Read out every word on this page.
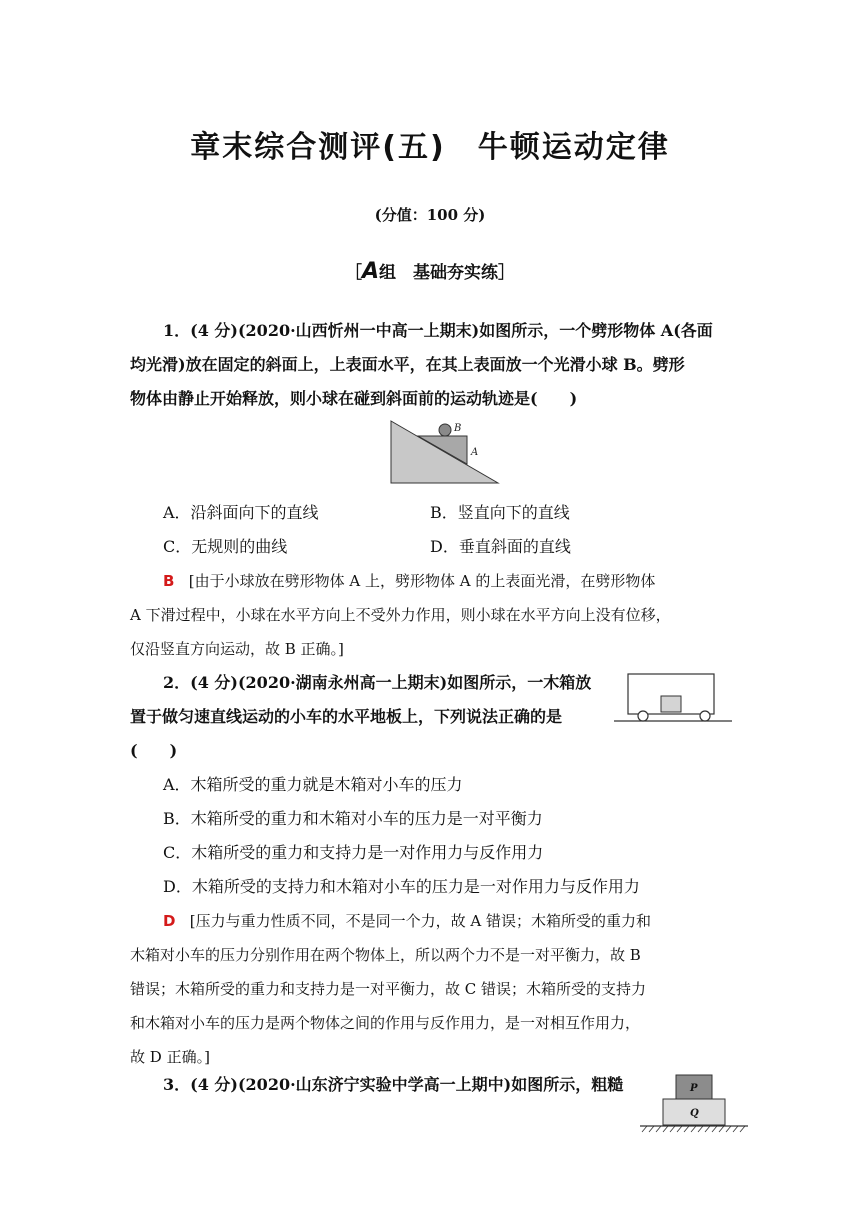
章末综合测评(五)　牛顿运动定律
(分值：100 分)
［A组　基础夯实练］
1．(4 分)(2020·山西忻州一中高一上期末)如图所示，一个劈形物体 A(各面
均光滑)放在固定的斜面上，上表面水平，在其上表面放一个光滑小球 B。劈形
物体由静止开始释放，则小球在碰到斜面前的运动轨迹是(　　)
B
A
A．沿斜面向下的直线	B．竖直向下的直线
C．无规则的曲线	D．垂直斜面的直线
B [由于小球放在劈形物体 A 上，劈形物体 A 的上表面光滑，在劈形物体
A 下滑过程中，小球在水平方向上不受外力作用，则小球在水平方向上没有位移，
仅沿竖直方向运动，故 B 正确。]
2．(4 分)(2020·湖南永州高一上期末)如图所示，一木箱放
置于做匀速直线运动的小车的水平地板上，下列说法正确的是
(　　)
A．木箱所受的重力就是木箱对小车的压力
B．木箱所受的重力和木箱对小车的压力是一对平衡力
C．木箱所受的重力和支持力是一对作用力与反作用力
D．木箱所受的支持力和木箱对小车的压力是一对作用力与反作用力
D [压力与重力性质不同，不是同一个力，故 A 错误；木箱所受的重力和
木箱对小车的压力分别作用在两个物体上，所以两个力不是一对平衡力，故 B
错误；木箱所受的重力和支持力是一对平衡力，故 C 错误；木箱所受的支持力
和木箱对小车的压力是两个物体之间的作用与反作用力，是一对相互作用力，
故 D 正确。]
3．(4 分)(2020·山东济宁实验中学高一上期中)如图所示，粗糙	P
Q
